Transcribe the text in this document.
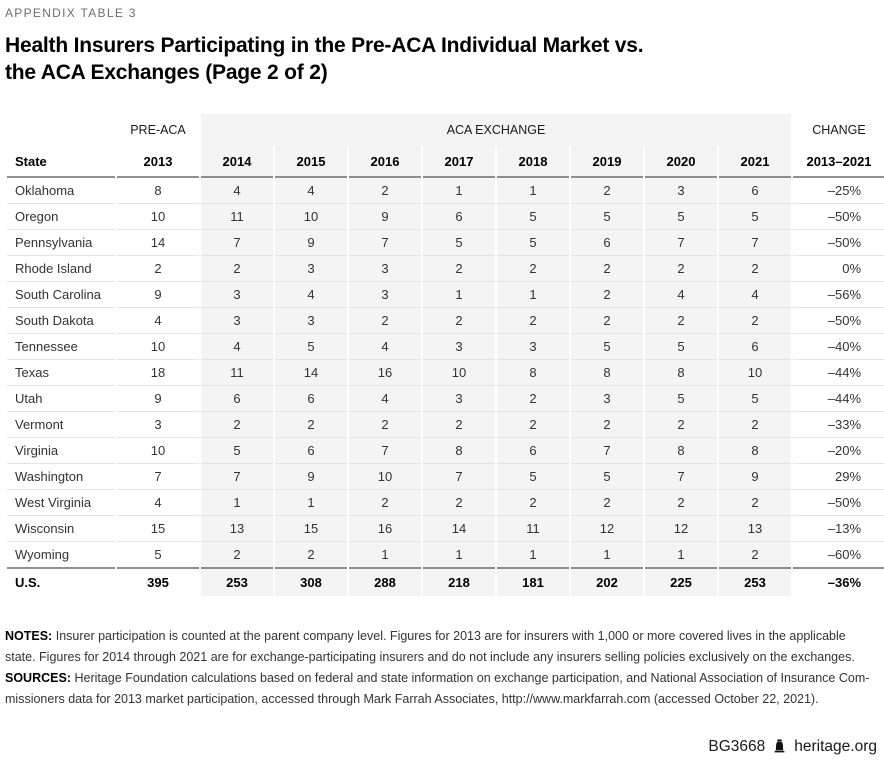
APPENDIX TABLE 3
Health Insurers Participating in the Pre-ACA Individual Market vs.
the ACA Exchanges (Page 2 of 2)
	PRE-ACA	ACA EXCHANGE								CHANGE
State	2013	2014	2015	2016	2017	2018	2019	2020	2021	2013–2021
Oklahoma	8	4	4	2	1	1	2	3	6	–25%
Oregon	10	11	10	9	6	5	5	5	5	–50%
Pennsylvania	14	7	9	7	5	5	6	7	7	–50%
Rhode Island	2	2	3	3	2	2	2	2	2	0%
South Carolina	9	3	4	3	1	1	2	4	4	–56%
South Dakota	4	3	3	2	2	2	2	2	2	–50%
Tennessee	10	4	5	4	3	3	5	5	6	–40%
Texas	18	11	14	16	10	8	8	8	10	–44%
Utah	9	6	6	4	3	2	3	5	5	–44%
Vermont	3	2	2	2	2	2	2	2	2	–33%
Virginia	10	5	6	7	8	6	7	8	8	–20%
Washington	7	7	9	10	7	5	5	7	9	29%
West Virginia	4	1	1	2	2	2	2	2	2	–50%
Wisconsin	15	13	15	16	14	11	12	12	13	–13%
Wyoming	5	2	2	1	1	1	1	1	2	–60%
U.S.	395	253	308	288	218	181	202	225	253	–36%

NOTES: Insurer participation is counted at the parent company level. Figures for 2013 are for insurers with 1,000 or more covered lives in the applicable state. Figures for 2014 through 2021 are for exchange-participating insurers and do not include any insurers selling policies exclusively on the exchanges.

SOURCES: Heritage Foundation calculations based on federal and state information on exchange participation, and National Association of Insurance Com-missioners data for 2013 market participation, accessed through Mark Farrah Associates, http://www.markfarrah.com (accessed October 22, 2021).

BG3668 heritage.org
